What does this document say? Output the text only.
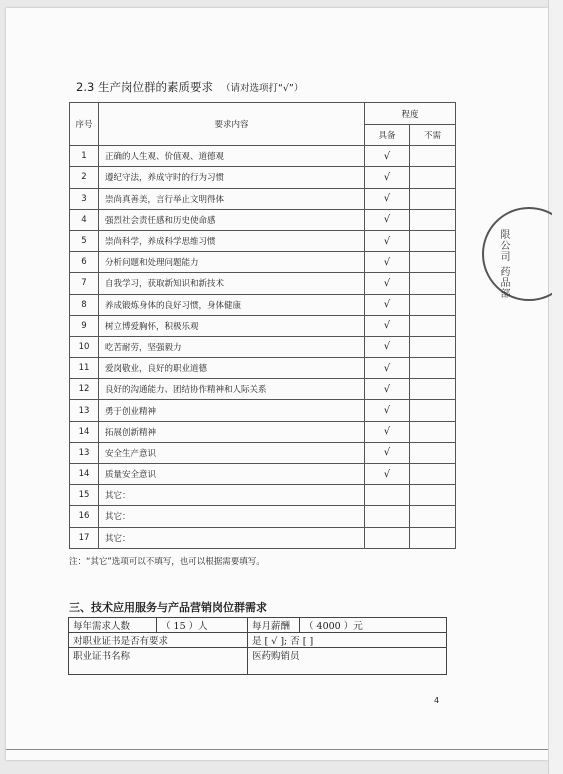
2.3 生产岗位群的素质要求 （请对选项打“√”）
序号	要求内容	程度	
		具备	不需
1	正确的人生观、价值观、道德观	√	
2	遵纪守法，养成守时的行为习惯	√	
3	崇尚真善美，言行举止文明得体	√	
4	强烈社会责任感和历史使命感	√	
5	崇尚科学，养成科学思维习惯	√	
6	分析问题和处理问题能力	√	
7	自我学习，获取新知识和新技术	√	
8	养成锻炼身体的良好习惯，身体健康	√	
9	树立博爱胸怀，积极乐观	√	
10	吃苦耐劳，坚强毅力	√	
11	爱岗敬业，良好的职业道德	√	
12	良好的沟通能力、团结协作精神和人际关系	√	
13	勇于创业精神	√	
14	拓展创新精神	√	
13	安全生产意识	√	
14	质量安全意识	√	
15	其它：		
16	其它：		
17	其它：		
注：“其它”选项可以不填写，也可以根据需要填写。
三、技术应用服务与产品营销岗位群需求
每年需求人数	（ 15 ）人	每月薪酬	（ 4000 ）元
对职业证书是否有要求		是 [ √ ]; 否 [ ]	
职业证书名称		医药购销员	
4
限公司 药品部
